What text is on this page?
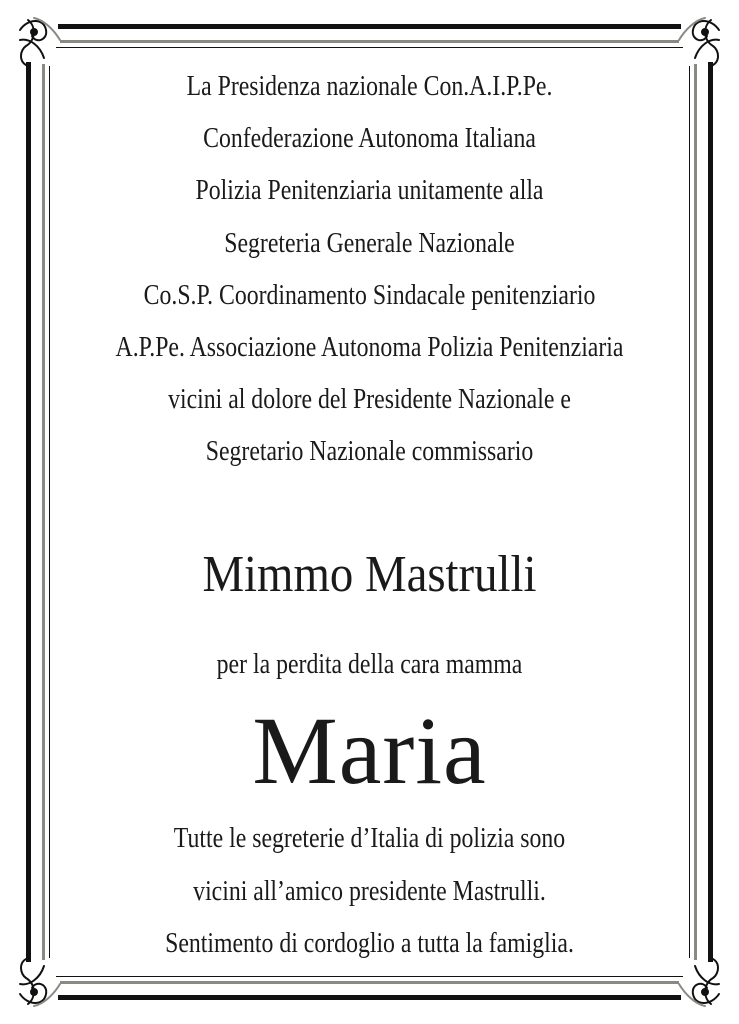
La Presidenza nazionale Con.A.I.P.Pe.
Confederazione Autonoma Italiana
Polizia Penitenziaria unitamente alla
Segreteria Generale Nazionale
Co.S.P. Coordinamento Sindacale penitenziario
A.P.Pe. Associazione Autonoma Polizia Penitenziaria
vicini al dolore del Presidente Nazionale e
Segretario Nazionale commissario
Mimmo Mastrulli
per la perdita della cara mamma
Maria
Tutte le segreterie d’Italia di polizia sono
vicini all’amico presidente Mastrulli.
Sentimento di cordoglio a tutta la famiglia.
